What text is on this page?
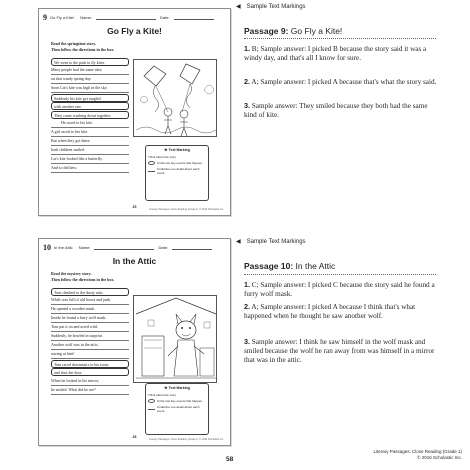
9 Go Fly a Kite! Name:	Date:
Go Fly a Kite!
Read the springtime story.
Then follow the directions in the box.
We went to the park to fly kites.
Many people had the same idea
on that windy spring day.
Soon Liz's kite was high in the sky.
Suddenly his kite got tangled
with another one.
They came crashing down together.
He raced to his kite.
A girl raced to her kite.
But when they got there,
both children smiled.
Liz's kite looked like a butterfly.
And so did hers.
★ Text Marking
Think about the story.
Circle two key events that happen.
Underline one detail about each event.
25
Literary Passages: Close Reading (Grade 1) © 2016 Scholastic Inc.
10 In the Attic Name:	Date:
In the Attic
Read the mystery story.
Then follow the directions in the box.
Tom climbed to the dusty attic.
While was full of old boxes and junk.
He opened a wooden trunk.
Inside he found a furry wolf mask.
Tom put it on and acted wild.
Suddenly, he howled in surprise.
Another wolf was in the attic,
staring at him!
Tom raced downstairs to his room
and shut the door.
When he looked in his mirror,
he smiled. What did he see?	★ Text Marking
Think about the story.
Circle two key events that happen.
Underline one detail about each event.
26
Literary Passages: Close Reading (Grade 1) © 2016 Scholastic Inc.
◀ Sample Text Markings
Passage 9: Go Fly a Kite!
1. B; Sample answer: I picked B because the story said it was a windy day, and that's all I know for sure.
2. A; Sample answer: I picked A because that's what the story said.
3. Sample answer: They smiled because they both had the same kind of kite.
◀ Sample Text Markings
Passage 10: In the Attic
1. C; Sample answer: I picked C because the story said he found a furry wolf mask.
2. A; Sample answer: I picked A because I think that's what happened when he thought he saw another wolf.
3. Sample answer: I think he saw himself in the wolf mask and smiled because the wolf he ran away from was himself in a mirror that was in the attic.
58
Literary Passages: Close Reading (Grade 1)
© 2016 Scholastic Inc.
